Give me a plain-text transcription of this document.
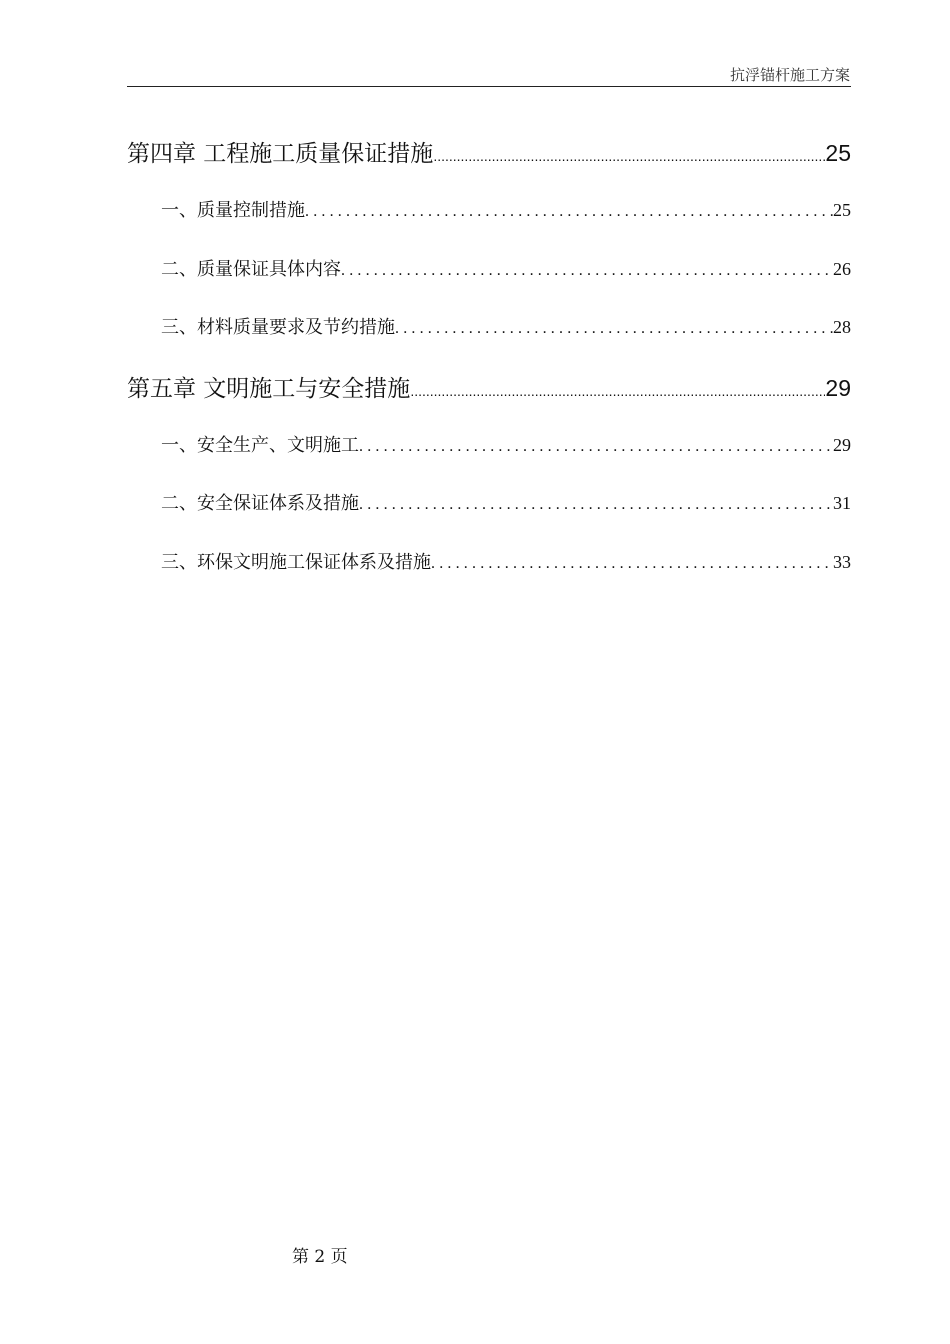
抗浮锚杆施工方案
第四章 工程施工质量保证措施 .....	25
一、质量控制措施 .....	25
二、质量保证具体内容 .....	26
三、材料质量要求及节约措施 .....	28
第五章 文明施工与安全措施 .....	29
一、安全生产、文明施工 .....	29
二、安全保证体系及措施 .....	31
三、环保文明施工保证体系及措施 .....	33
第 2 页
